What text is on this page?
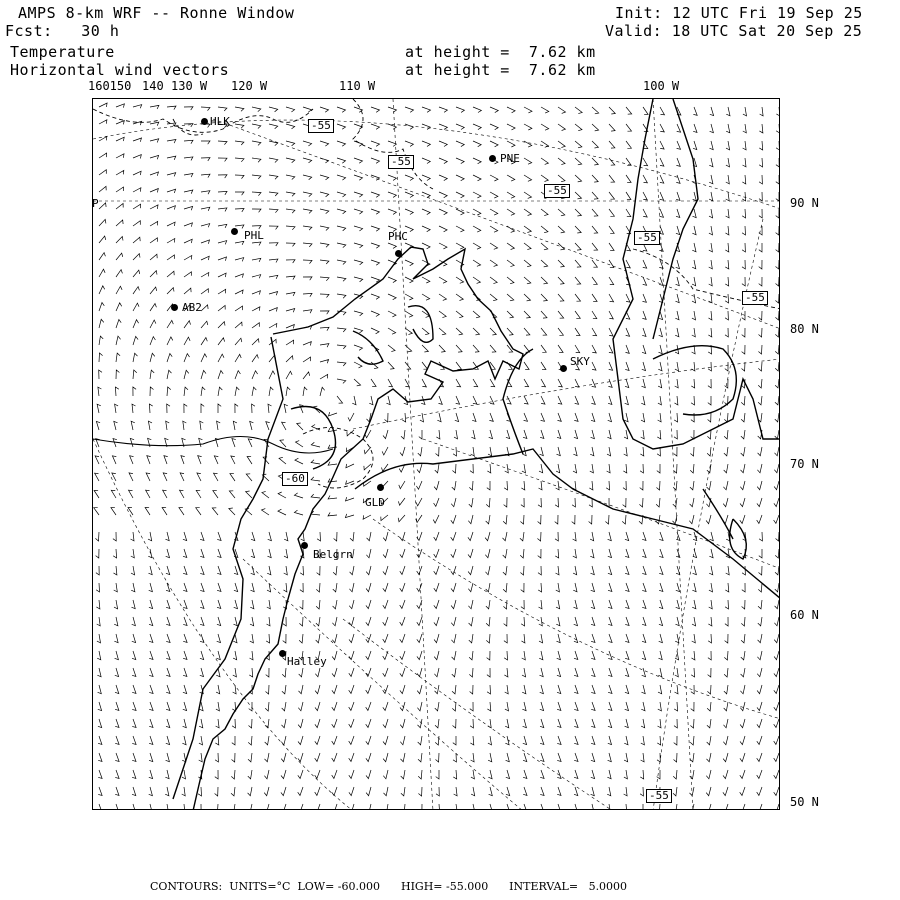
AMPS 8-km WRF -- Ronne Window
Fcst:   30 h
Init: 12 UTC Fri 19 Sep 25
Valid: 18 UTC Sat 20 Sep 25
Temperature	at height =  7.62 km
Horizontal wind vectors	at height =  7.62 km
160150 140 130 W 120 W	110 W	100 W
90 N
80 N
70 N
60 N
50 N
-55
-55
-55
-55
-60
-55
-55
P
HLK
PNE
PHL	PHC
AB2
SKY
GLD
Belgrn
Halley
CONTOURS:  UNITS=°C  LOW= -60.000      HIGH= -55.000      INTERVAL=   5.0000
